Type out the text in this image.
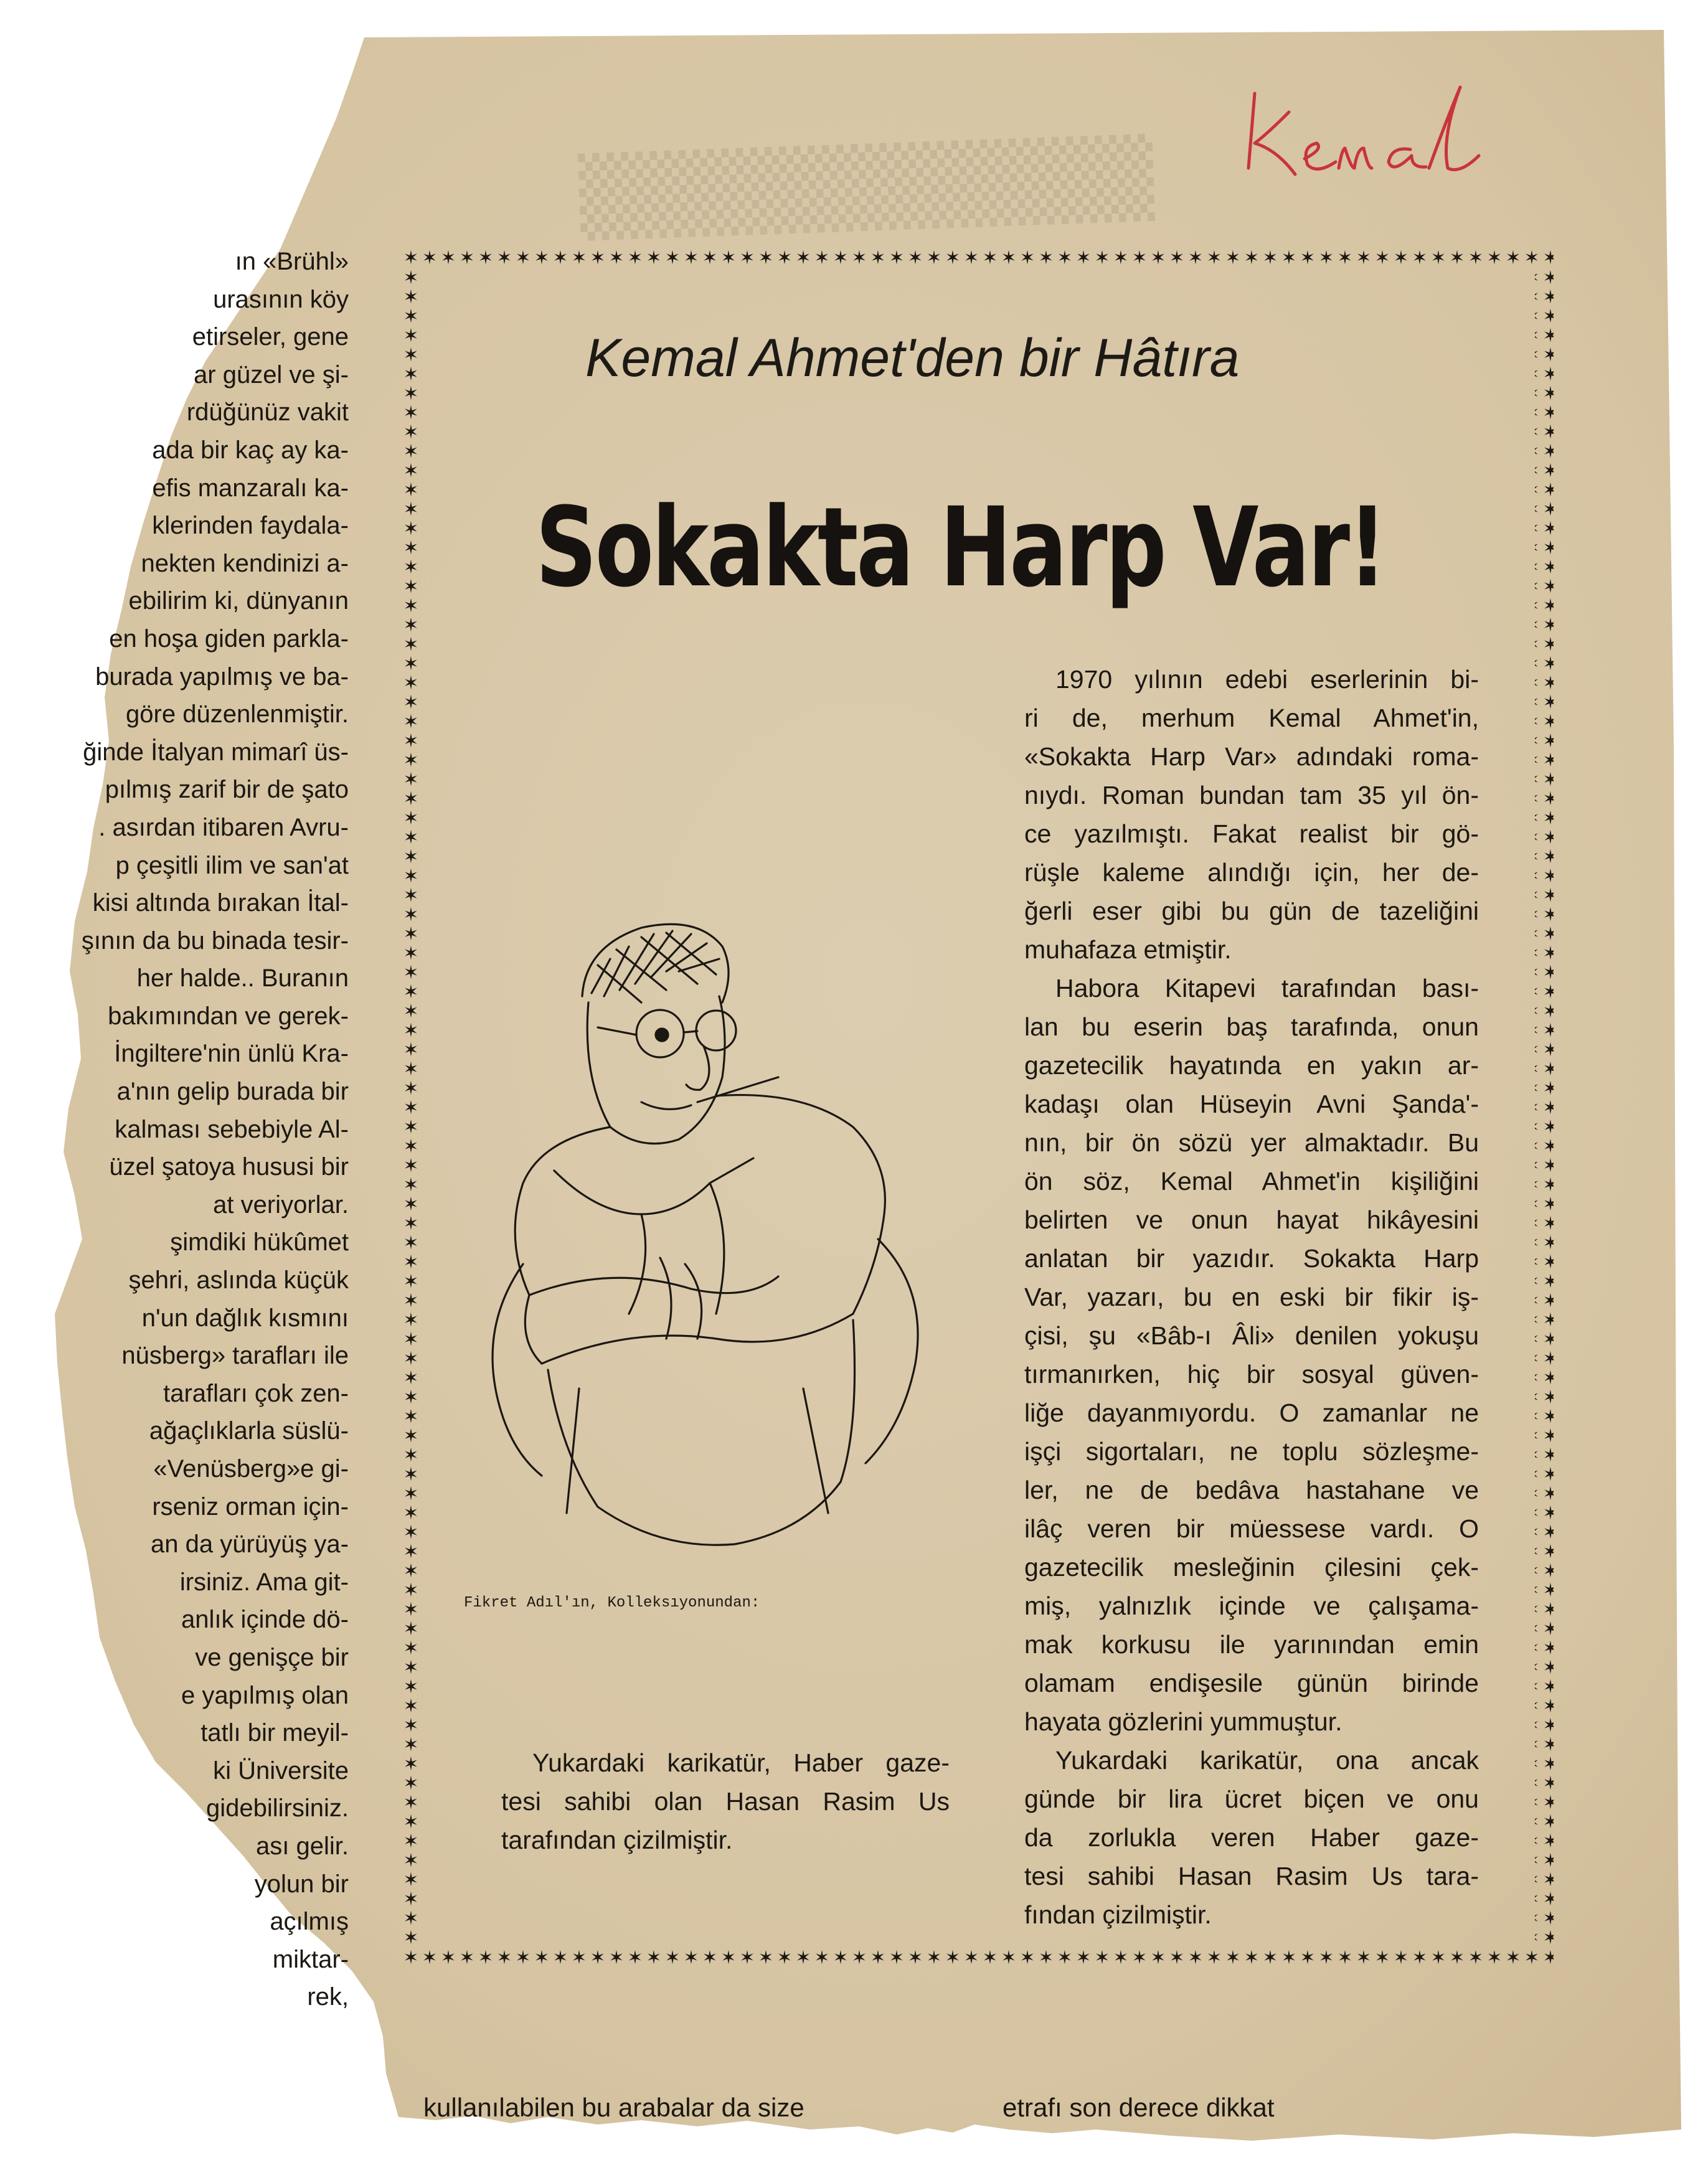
▒▒▒▒▒▒▒▒▒▒
ın «Brühl»
urasının köy
etirseler, gene
ar güzel ve şi-
rdüğünüz vakit
ada bir kaç ay ka-
efis manzaralı ka-
klerinden faydala-
nekten kendinizi a-
ebilirim ki, dünyanın
en hoşa giden parkla-
burada yapılmış ve ba-
göre düzenlenmiştir.
ğinde İtalyan mimarî üs-
pılmış zarif bir de şato
. asırdan itibaren Avru-
p çeşitli ilim ve san'at
kisi altında bırakan İtal-
şının da bu binada tesir-
her halde.. Buranın
bakımından ve gerek-
İngiltere'nin ünlü Kra-
a'nın gelip burada bir
kalması sebebiyle Al-
üzel şatoya hususi bir
at veriyorlar.
şimdiki hükûmet
şehri, aslında küçük
n'un dağlık kısmını
nüsberg» tarafları ile
tarafları çok zen-
ağaçlıklarla süslü-
«Venüsberg»e gi-
rseniz orman için-
an da yürüyüş ya-
irsiniz. Ama git-
anlık içinde dö-
ve genişçe bir
e yapılmış olan
tatlı bir meyil-
ki Üniversite
gidebilirsiniz.
ası gelir.
yolun bir
açılmış
miktar-
rek,
Kemal Ahmet'den bir Hâtıra
Sokakta Harp Var!
Fikret Adıl'ın, Kolleksıyonundan:
Yukardaki karikatür, Haber gaze-
tesi sahibi olan Hasan Rasim Us
tarafından çizilmiştir.

1970 yılının edebi eserlerinin bi-
ri de, merhum Kemal Ahmet'in,
«Sokakta Harp Var» adındaki roma-
nıydı. Roman bundan tam 35 yıl ön-
ce yazılmıştı. Fakat realist bir gö-
rüşle kaleme alındığı için, her de-
ğerli eser gibi bu gün de tazeliğini
muhafaza etmiştir.

Habora Kitapevi tarafından bası-
lan bu eserin baş tarafında, onun
gazetecilik hayatında en yakın ar-
kadaşı olan Hüseyin Avni Şanda'-
nın, bir ön sözü yer almaktadır. Bu
ön söz, Kemal Ahmet'in kişiliğini
belirten ve onun hayat hikâyesini
anlatan bir yazıdır. Sokakta Harp
Var, yazarı, bu en eski bir fikir iş-
çisi, şu «Bâb-ı Âli» denilen yokuşu
tırmanırken, hiç bir sosyal güven-
liğe dayanmıyordu. O zamanlar ne
işçi sigortaları, ne toplu sözleşme-
ler, ne de bedâva hastahane ve
ilâç veren bir müessese vardı. O
gazetecilik mesleğinin çilesini çek-
miş, yalnızlık içinde ve çalışama-
mak korkusu ile yarınından emin
olamam endişesile günün birinde
hayata gözlerini yummuştur.

Yukardaki karikatür, ona ancak
günde bir lira ücret biçen ve onu
da zorlukla veren Haber gaze-
tesi sahibi Hasan Rasim Us tara-
fından çizilmiştir.

kullanılabilen bu arabalar da size	etrafı son derece dikkat
